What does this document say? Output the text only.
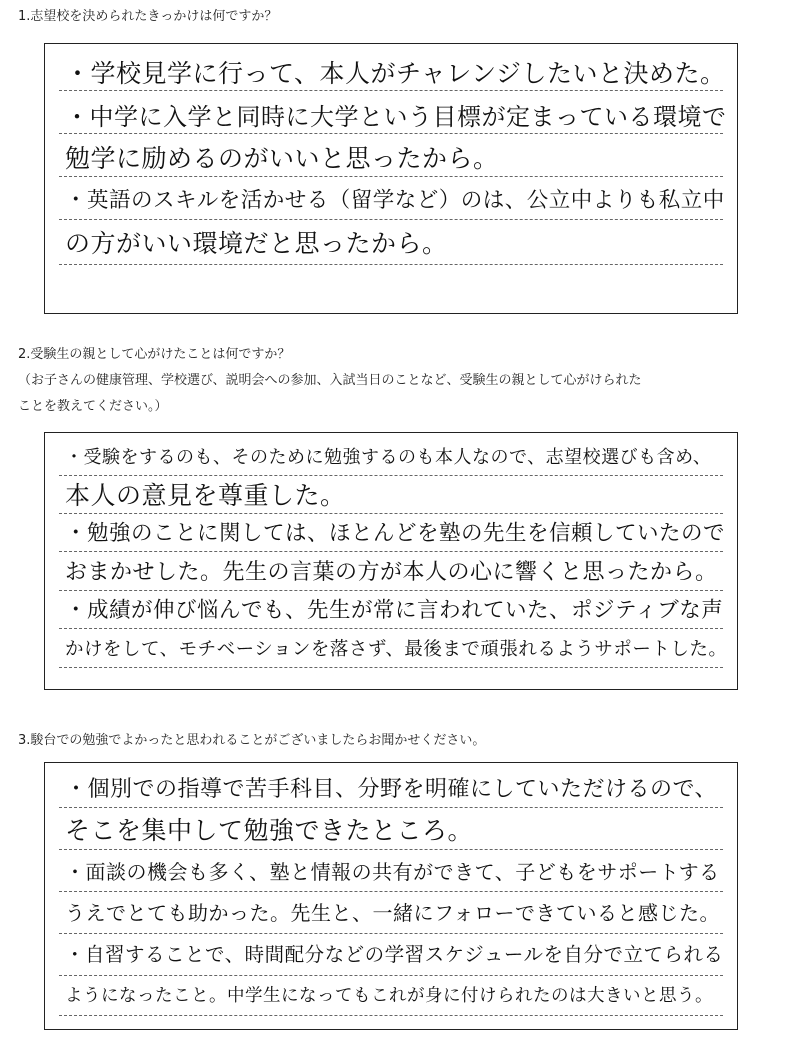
1.志望校を決められたきっかけは何ですか？
・学校見学に行って、本人がチャレンジしたいと決めた。
・中学に入学と同時に大学という目標が定まっている環境で
勉学に励めるのがいいと思ったから。
・英語のスキルを活かせる（留学など）のは、公立中よりも私立中
の方がいい環境だと思ったから。
2.受験生の親として心がけたことは何ですか？
（お子さんの健康管理、学校選び、説明会への参加、入試当日のことなど、受験生の親として心がけられた
ことを教えてください。）
・受験をするのも、そのために勉強するのも本人なので、志望校選びも含め、
本人の意見を尊重した。
・勉強のことに関しては、ほとんどを塾の先生を信頼していたので
おまかせした。先生の言葉の方が本人の心に響くと思ったから。
・成績が伸び悩んでも、先生が常に言われていた、ポジティブな声
かけをして、モチベーションを落さず、最後まで頑張れるようサポートした。
3.駿台での勉強でよかったと思われることがございましたらお聞かせください。
・個別での指導で苦手科目、分野を明確にしていただけるので、
そこを集中して勉強できたところ。
・面談の機会も多く、塾と情報の共有ができて、子どもをサポートする
うえでとても助かった。先生と、一緒にフォローできていると感じた。
・自習することで、時間配分などの学習スケジュールを自分で立てられる
ようになったこと。中学生になってもこれが身に付けられたのは大きいと思う。
